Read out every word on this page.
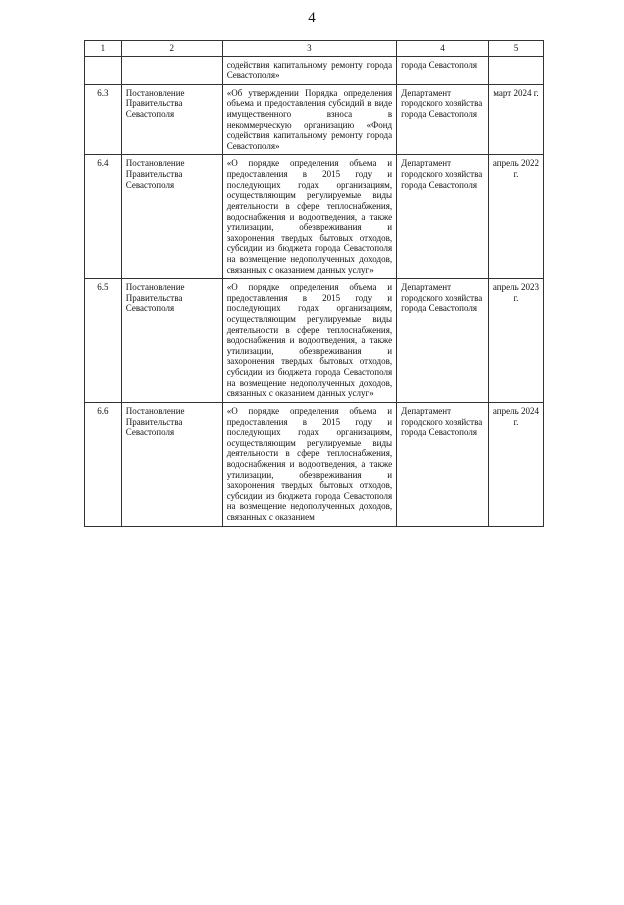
4
1	2	3	4	5
		содействия капитальному ремонту города Севастополя»	города Севастополя	
6.3	Постановление Правительства Севастополя	«Об утверждении Порядка определения объема и предоставления субсидий в виде имущественного взноса в некоммерческую организацию «Фонд содействия капитальному ремонту города Севастополя»	Департамент городского хозяйства города Севастополя	март 2024 г.
6.4	Постановление Правительства Севастополя	«О порядке определения объема и предоставления в 2015 году и последующих годах организациям, осуществляющим регулируемые виды деятельности в сфере теплоснабжения, водоснабжения и водоотведения, а также утилизации, обезвреживания и захоронения твердых бытовых отходов, субсидии из бюджета города Севастополя на возмещение недополученных доходов, связанных с оказанием данных услуг»	Департамент городского хозяйства города Севастополя	апрель 2022 г.
6.5	Постановление Правительства Севастополя	«О порядке определения объема и предоставления в 2015 году и последующих годах организациям, осуществляющим регулируемые виды деятельности в сфере теплоснабжения, водоснабжения и водоотведения, а также утилизации, обезвреживания и захоронения твердых бытовых отходов, субсидии из бюджета города Севастополя на возмещение недополученных доходов, связанных с оказанием данных услуг»	Департамент городского хозяйства города Севастополя	апрель 2023 г.
6.6	Постановление Правительства Севастополя	«О порядке определения объема и предоставления в 2015 году и последующих годах организациям, осуществляющим регулируемые виды деятельности в сфере теплоснабжения, водоснабжения и водоотведения, а также утилизации, обезвреживания и захоронения твердых бытовых отходов, субсидии из бюджета города Севастополя на возмещение недополученных доходов, связанных с оказанием	Департамент городского хозяйства города Севастополя	апрель 2024 г.
